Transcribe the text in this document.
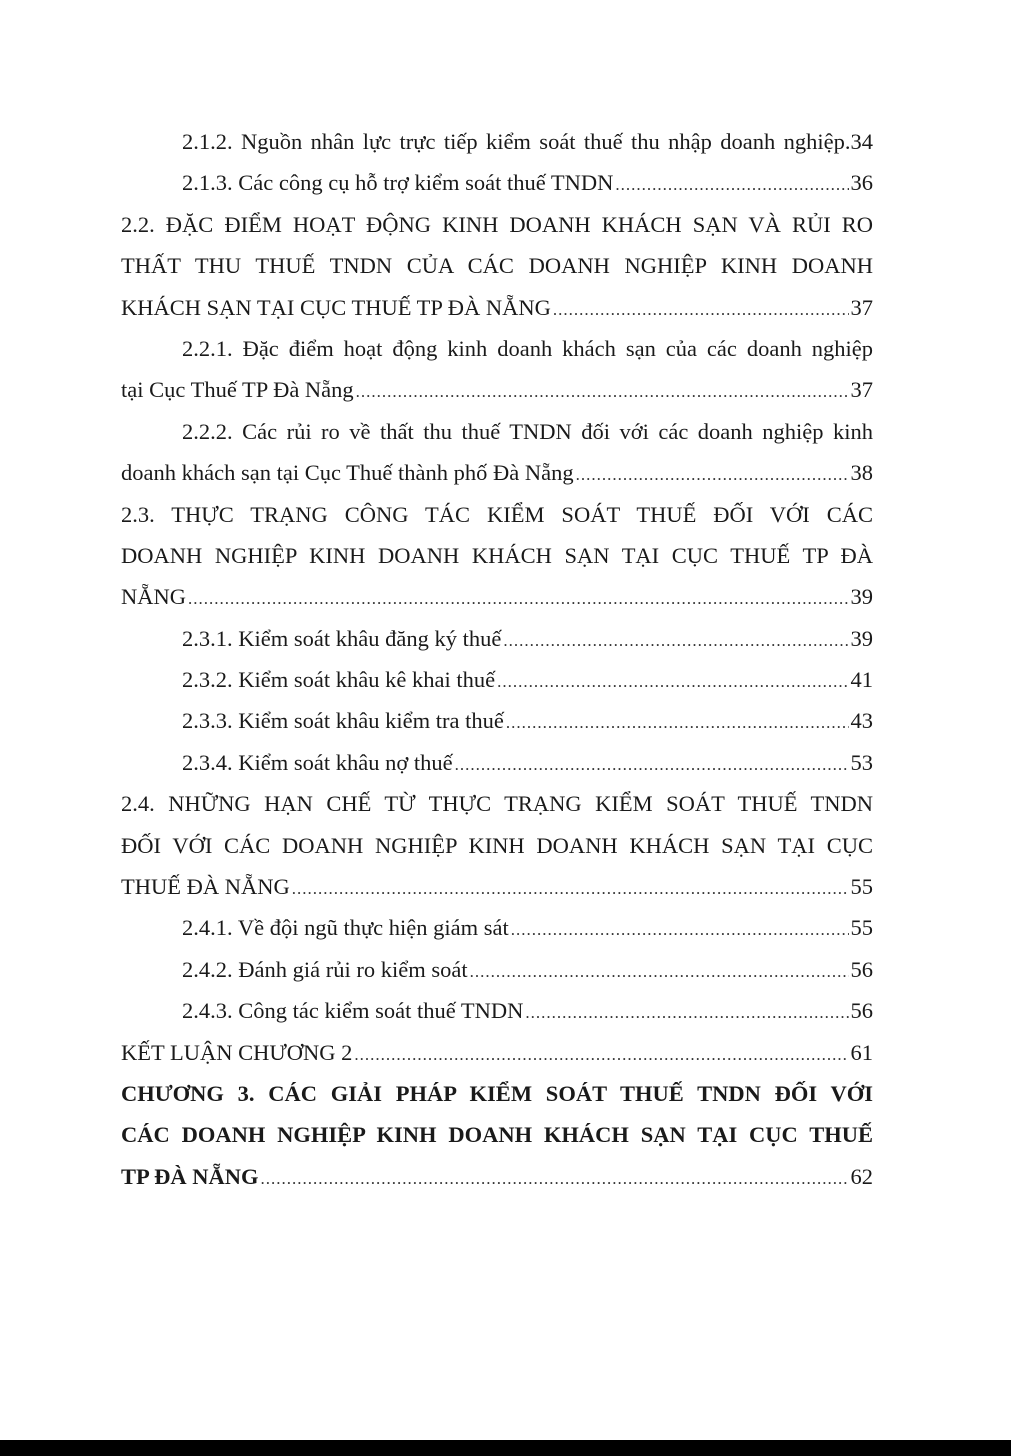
2.1.2. Nguồn nhân lực trực tiếp kiểm soát thuế thu nhập doanh nghiệp.34
2.1.3. Các công cụ hỗ trợ kiểm soát thuế TNDN .....	36
2.2. ĐẶC ĐIỂM HOẠT ĐỘNG KINH DOANH KHÁCH SẠN VÀ RỦI RO
THẤT THU THUẾ TNDN CỦA CÁC DOANH NGHIỆP KINH DOANH
KHÁCH SẠN TẠI CỤC THUẾ TP ĐÀ NẴNG .....	37
2.2.1. Đặc điểm hoạt động kinh doanh khách sạn của các doanh nghiệp
tại Cục Thuế TP Đà Nẵng .....	37
2.2.2. Các rủi ro về thất thu thuế TNDN đối với các doanh nghiệp kinh
doanh khách sạn tại Cục Thuế thành phố Đà Nẵng .....	38
2.3. THỰC TRẠNG CÔNG TÁC KIỂM SOÁT THUẾ ĐỐI VỚI CÁC
DOANH NGHIỆP KINH DOANH KHÁCH SẠN TẠI CỤC THUẾ TP ĐÀ
NẴNG .....	39
2.3.1. Kiểm soát khâu đăng ký thuế .....	39
2.3.2. Kiểm soát khâu kê khai thuế .....	41
2.3.3. Kiểm soát khâu kiểm tra thuế .....	43
2.3.4. Kiểm soát khâu nợ thuế .....	53
2.4. NHỮNG HẠN CHẾ TỪ THỰC TRẠNG KIỂM SOÁT THUẾ TNDN
ĐỐI VỚI CÁC DOANH NGHIỆP KINH DOANH KHÁCH SẠN TẠI CỤC
THUẾ ĐÀ NẴNG .....	55
2.4.1. Về đội ngũ thực hiện giám sát .....	55
2.4.2. Đánh giá rủi ro kiểm soát .....	56
2.4.3. Công tác kiểm soát thuế TNDN .....	56
KẾT LUẬN CHƯƠNG 2 .....	61
CHƯƠNG 3. CÁC GIẢI PHÁP KIỂM SOÁT THUẾ TNDN ĐỐI VỚI
CÁC DOANH NGHIỆP KINH DOANH KHÁCH SẠN TẠI CỤC THUẾ
TP ĐÀ NẴNG .....	62
